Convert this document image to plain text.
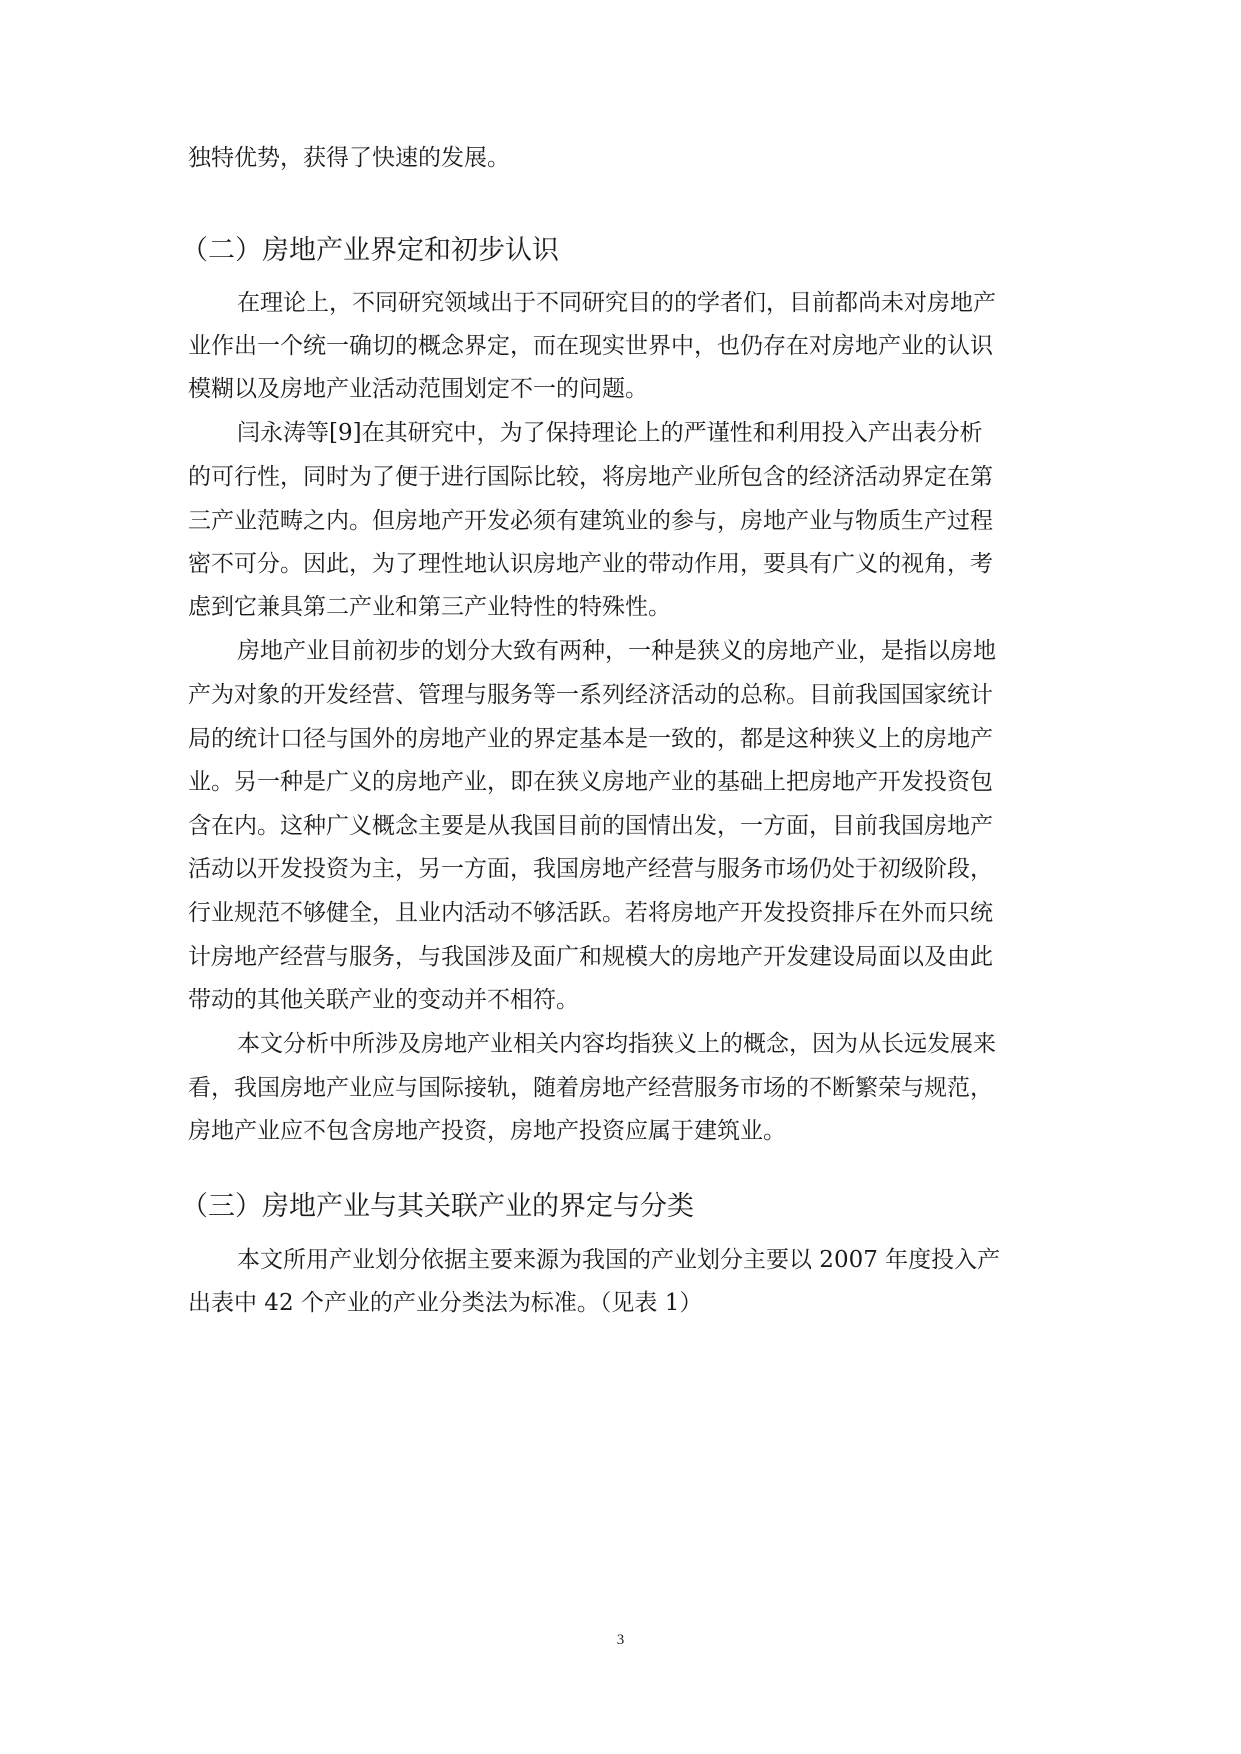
独特优势，获得了快速的发展。
（二）房地产业界定和初步认识
在理论上，不同研究领域出于不同研究目的的学者们，目前都尚未对房地产
业作出一个统一确切的概念界定，而在现实世界中，也仍存在对房地产业的认识
模糊以及房地产业活动范围划定不一的问题。
闫永涛等[9]在其研究中，为了保持理论上的严谨性和利用投入产出表分析
的可行性，同时为了便于进行国际比较，将房地产业所包含的经济活动界定在第
三产业范畴之内。但房地产开发必须有建筑业的参与，房地产业与物质生产过程
密不可分。因此，为了理性地认识房地产业的带动作用，要具有广义的视角，考
虑到它兼具第二产业和第三产业特性的特殊性。
房地产业目前初步的划分大致有两种，一种是狭义的房地产业，是指以房地
产为对象的开发经营、管理与服务等一系列经济活动的总称。目前我国国家统计
局的统计口径与国外的房地产业的界定基本是一致的，都是这种狭义上的房地产
业。另一种是广义的房地产业，即在狭义房地产业的基础上把房地产开发投资包
含在内。这种广义概念主要是从我国目前的国情出发，一方面，目前我国房地产
活动以开发投资为主，另一方面，我国房地产经营与服务市场仍处于初级阶段，
行业规范不够健全，且业内活动不够活跃。若将房地产开发投资排斥在外而只统
计房地产经营与服务，与我国涉及面广和规模大的房地产开发建设局面以及由此
带动的其他关联产业的变动并不相符。
本文分析中所涉及房地产业相关内容均指狭义上的概念，因为从长远发展来
看，我国房地产业应与国际接轨，随着房地产经营服务市场的不断繁荣与规范，
房地产业应不包含房地产投资，房地产投资应属于建筑业。
（三）房地产业与其关联产业的界定与分类
本文所用产业划分依据主要来源为我国的产业划分主要以 2007 年度投入产
出表中 42 个产业的产业分类法为标准。（见表 1）
3
